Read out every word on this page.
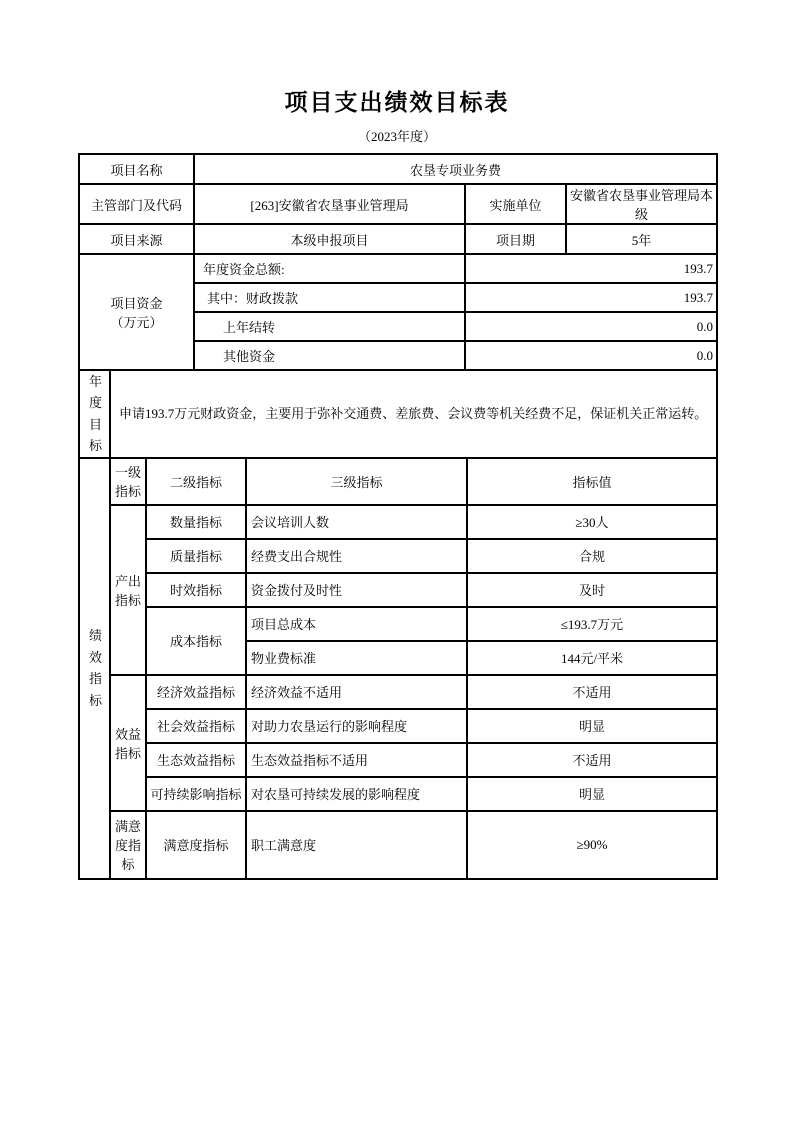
项目支出绩效目标表
（2023年度）
项目名称	农垦专项业务费		
主管部门及代码	[263]安徽省农垦事业管理局	实施单位	安徽省农垦事业管理局本级
项目来源	本级申报项目	项目期	5年

项目资金
（万元）	年度资金总额:	193.7	
	其中：财政拨款	193.7	
	上年结转	0.0	
	其他资金	0.0	
年度目标	申请193.7万元财政资金，主要用于弥补交通费、差旅费、会议费等机关经费不足，保证机关正常运转。
绩效指标	一级指标	二级指标	三级指标	指标值
	产出指标	数量指标	会议培训人数	≥30人
		质量指标	经费支出合规性	合规
		时效指标	资金拨付及时性	及时
		成本指标	项目总成本	≤193.7万元
			物业费标准	144元/平米
	效益指标	经济效益指标	经济效益不适用	不适用
		社会效益指标	对助力农垦运行的影响程度	明显
		生态效益指标	生态效益指标不适用	不适用
		可持续影响指标	对农垦可持续发展的影响程度	明显
	满意度指标	满意度指标	职工满意度	≥90%
